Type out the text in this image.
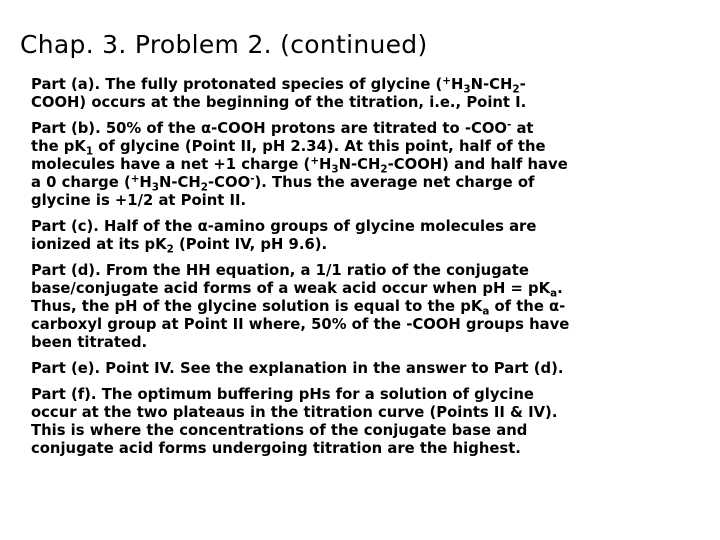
Chap. 3. Problem 2. (continued)
Part (a). The fully protonated species of glycine ($^+H_3N-CH_2-$
COOH) occurs at the beginning of the titration, i.e., Point I.
Part (b). 50% of the α-COOH protons are titrated to -COO- at
the $pK_1$ of glycine (Point II, pH 2.34). At this point, half of the
molecules have a net +1 charge $(^+H_3N-CH_2-COOH)$ and half have
a 0 charge $(^+H_3N-CH_2-COO^-)$. Thus the average net charge of
glycine is +1/2 at Point II.
Part (c). Half of the α-amino groups of glycine molecules are
ionized at its $pK_2$ (Point IV, pH 9.6).
Part (d). From the HH equation, a 1/1 ratio of the conjugate
base/conjugate acid forms of a weak acid occur when pH = $pK_a$.
Thus, the pH of the glycine solution is equal to the $pK_a$ of the α-
carboxyl group at Point II where, 50% of the -COOH groups have
been titrated.
Part (e). Point IV. See the explanation in the answer to Part (d).
Part (f). The optimum buffering pHs for a solution of glycine
occur at the two plateaus in the titration curve (Points II & IV).
This is where the concentrations of the conjugate base and
conjugate acid forms undergoing titration are the highest.
